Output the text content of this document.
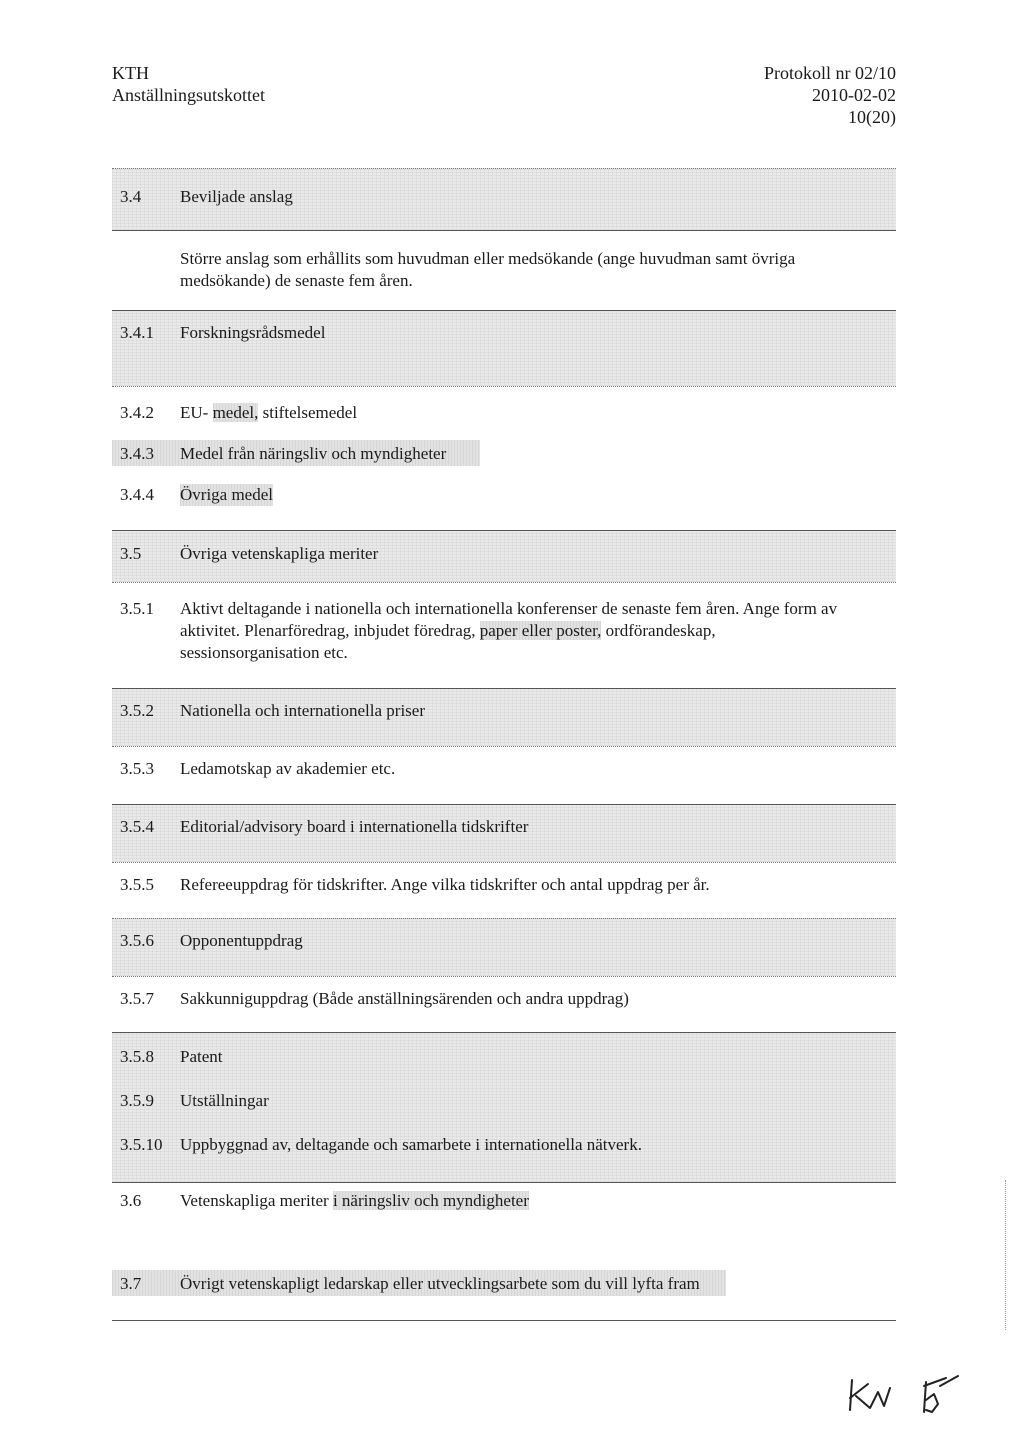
KTH
Anställningsutskottet
Protokoll nr 02/10
2010-02-02
10(20)
3.4 Beviljade anslag
Större anslag som erhållits som huvudman eller medsökande (ange huvudman samt övriga
medsökande) de senaste fem åren.
3.4.1 Forskningsrådsmedel
3.4.2 EU- medel, stiftelsemedel
3.4.3 Medel från näringsliv och myndigheter
3.4.4 Övriga medel
3.5 Övriga vetenskapliga meriter
3.5.1 Aktivt deltagande i nationella och internationella konferenser de senaste fem åren. Ange form av
aktivitet. Plenarföredrag, inbjudet föredrag, paper eller poster, ordförandeskap,
sessionsorganisation etc.
3.5.2 Nationella och internationella priser
3.5.3 Ledamotskap av akademier etc.
3.5.4 Editorial/advisory board i internationella tidskrifter
3.5.5 Refereeuppdrag för tidskrifter. Ange vilka tidskrifter och antal uppdrag per år.
3.5.6 Opponentuppdrag
3.5.7 Sakkunniguppdrag (Både anställningsärenden och andra uppdrag)
3.5.8 Patent
3.5.9 Utställningar
3.5.10 Uppbyggnad av, deltagande och samarbete i internationella nätverk.
3.6 Vetenskapliga meriter i näringsliv och myndigheter
3.7 Övrigt vetenskapligt ledarskap eller utvecklingsarbete som du vill lyfta fram
